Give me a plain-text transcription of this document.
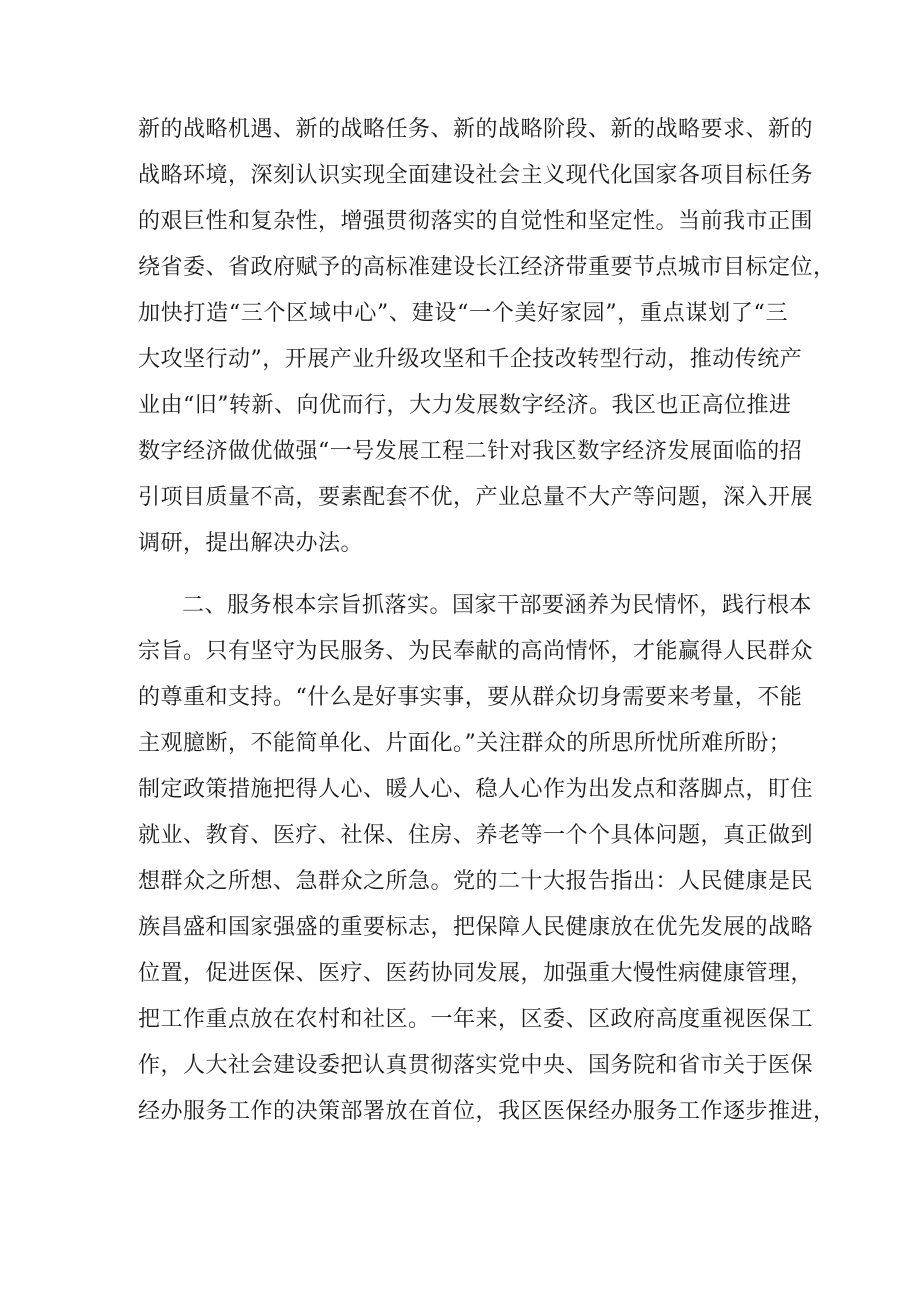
新的战略机遇、新的战略任务、新的战略阶段、新的战略要求、新的
战略环境，深刻认识实现全面建设社会主义现代化国家各项目标任务
的艰巨性和复杂性，增强贯彻落实的自觉性和坚定性。当前我市正围
绕省委、省政府赋予的高标准建设长江经济带重要节点城市目标定位，
加快打造“三个区域中心”、建设“一个美好家园”，重点谋划了“三
大攻坚行动”，开展产业升级攻坚和千企技改转型行动，推动传统产
业由“旧”转新、向优而行，大力发展数字经济。我区也正高位推进
数字经济做优做强“一号发展工程二针对我区数字经济发展面临的招
引项目质量不高，要素配套不优，产业总量不大产等问题，深入开展
调研，提出解决办法。
二、服务根本宗旨抓落实。国家干部要涵养为民情怀，践行根本
宗旨。只有坚守为民服务、为民奉献的高尚情怀，才能赢得人民群众
的尊重和支持。“什么是好事实事，要从群众切身需要来考量，不能
主观臆断，不能简单化、片面化。”关注群众的所思所忧所难所盼；
制定政策措施把得人心、暖人心、稳人心作为出发点和落脚点，盯住
就业、教育、医疗、社保、住房、养老等一个个具体问题，真正做到
想群众之所想、急群众之所急。党的二十大报告指出：人民健康是民
族昌盛和国家强盛的重要标志，把保障人民健康放在优先发展的战略
位置，促进医保、医疗、医药协同发展，加强重大慢性病健康管理，
把工作重点放在农村和社区。一年来，区委、区政府高度重视医保工
作，人大社会建设委把认真贯彻落实党中央、国务院和省市关于医保
经办服务工作的决策部署放在首位，我区医保经办服务工作逐步推进，
